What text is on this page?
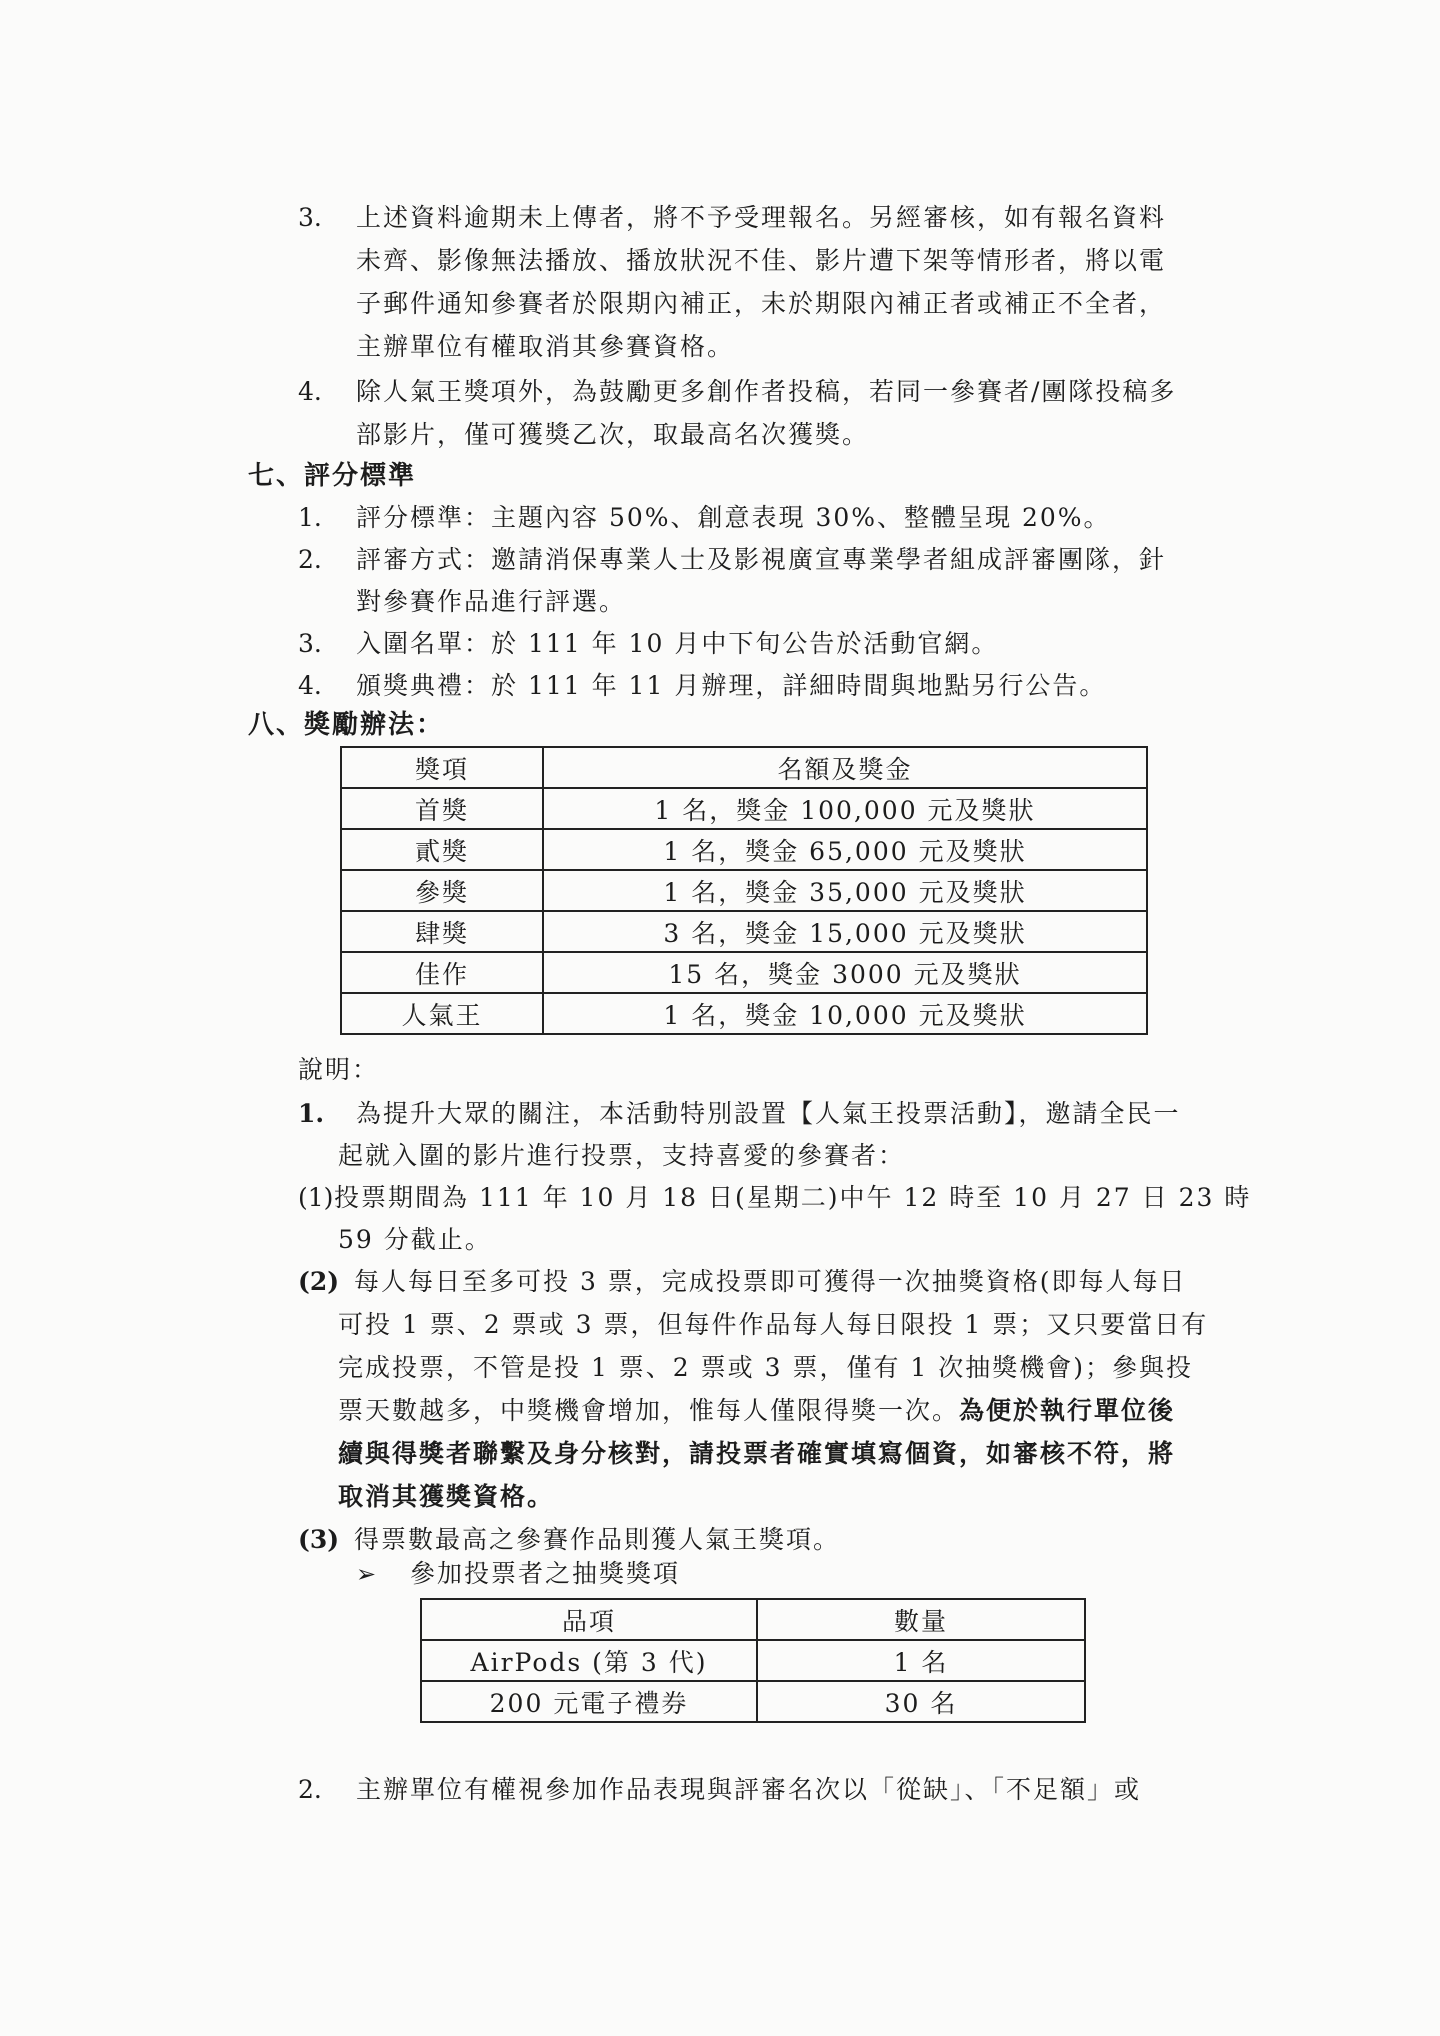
3. 上述資料逾期未上傳者，將不予受理報名。另經審核，如有報名資料
未齊、影像無法播放、播放狀況不佳、影片遭下架等情形者，將以電
子郵件通知參賽者於限期內補正，未於期限內補正者或補正不全者，
主辦單位有權取消其參賽資格。
4. 除人氣王獎項外，為鼓勵更多創作者投稿，若同一參賽者/團隊投稿多
部影片，僅可獲獎乙次，取最高名次獲獎。
七、評分標準
1. 評分標準：主題內容 50%、創意表現 30%、整體呈現 20%。
2. 評審方式：邀請消保專業人士及影視廣宣專業學者組成評審團隊，針
對參賽作品進行評選。
3. 入圍名單：於 111 年 10 月中下旬公告於活動官網。
4. 頒獎典禮：於 111 年 11 月辦理，詳細時間與地點另行公告。
八、獎勵辦法：
獎項	名額及獎金
首獎	1 名，獎金 100,000 元及獎狀
貳獎	1 名，獎金 65,000 元及獎狀
參獎	1 名，獎金 35,000 元及獎狀
肆獎	3 名，獎金 15,000 元及獎狀
佳作	15 名，獎金 3000 元及獎狀
人氣王	1 名，獎金 10,000 元及獎狀
說明：
1. 為提升大眾的關注，本活動特別設置【人氣王投票活動】，邀請全民一
起就入圍的影片進行投票，支持喜愛的參賽者：
(1) 投票期間為 111 年 10 月 18 日(星期二)中午 12 時至 10 月 27 日 23 時
59 分截止。
(2) 每人每日至多可投 3 票，完成投票即可獲得一次抽獎資格(即每人每日
可投 1 票、2 票或 3 票，但每件作品每人每日限投 1 票；又只要當日有
完成投票，不管是投 1 票、2 票或 3 票，僅有 1 次抽獎機會)；參與投
票天數越多，中獎機會增加，惟每人僅限得獎一次。為便於執行單位後
續與得獎者聯繫及身分核對，請投票者確實填寫個資，如審核不符，將
取消其獲獎資格。
(3) 得票數最高之參賽作品則獲人氣王獎項。
➢ 參加投票者之抽獎獎項
品項	數量
AirPods (第 3 代)	1 名
200 元電子禮券	30 名
2. 主辦單位有權視參加作品表現與評審名次以「從缺」、「不足額」或
